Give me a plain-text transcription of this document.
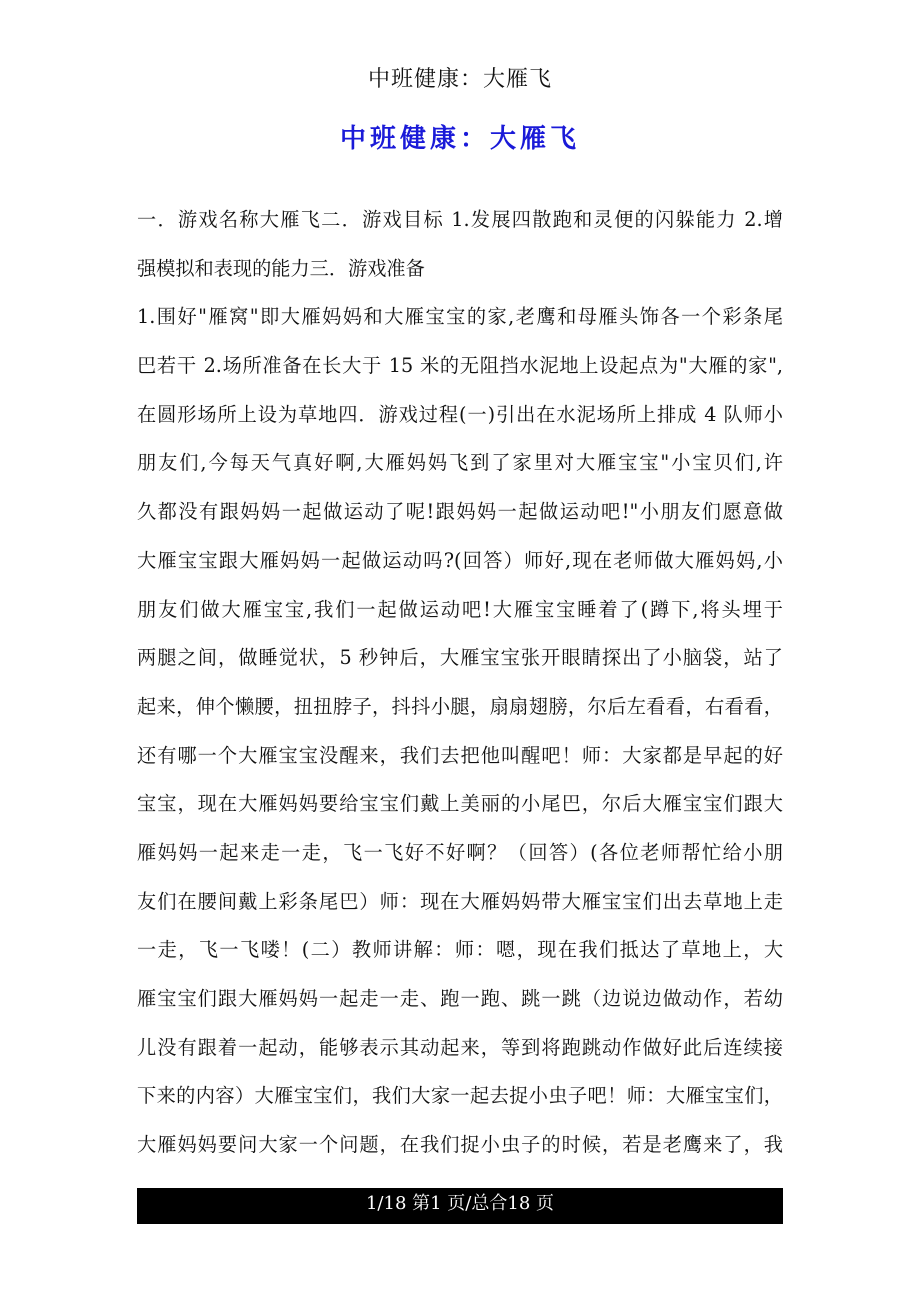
中班健康：大雁飞
中班健康：大雁飞
一．游戏名称大雁飞二．游戏目标 1.发展四散跑和灵便的闪躲能力 2.增
强模拟和表现的能力三．游戏准备
1.围好"雁窝"即大雁妈妈和大雁宝宝的家,老鹰和母雁头饰各一个彩条尾
巴若干 2.场所准备在长大于 15 米的无阻挡水泥地上设起点为"大雁的家",
在圆形场所上设为草地四．游戏过程(一)引出在水泥场所上排成 4 队师小
朋友们,今每天气真好啊,大雁妈妈飞到了家里对大雁宝宝"小宝贝们,许
久都没有跟妈妈一起做运动了呢!跟妈妈一起做运动吧!"小朋友们愿意做
大雁宝宝跟大雁妈妈一起做运动吗?(回答）师好,现在老师做大雁妈妈,小
朋友们做大雁宝宝,我们一起做运动吧!大雁宝宝睡着了(蹲下,将头埋于
两腿之间，做睡觉状，5 秒钟后，大雁宝宝张开眼睛探出了小脑袋，站了
起来，伸个懒腰，扭扭脖子，抖抖小腿，扇扇翅膀，尔后左看看，右看看，
还有哪一个大雁宝宝没醒来，我们去把他叫醒吧！师：大家都是早起的好
宝宝，现在大雁妈妈要给宝宝们戴上美丽的小尾巴，尔后大雁宝宝们跟大
雁妈妈一起来走一走，飞一飞好不好啊？（回答）(各位老师帮忙给小朋
友们在腰间戴上彩条尾巴）师：现在大雁妈妈带大雁宝宝们出去草地上走
一走，飞一飞喽！(二）教师讲解：师：嗯，现在我们抵达了草地上，大
雁宝宝们跟大雁妈妈一起走一走、跑一跑、跳一跳（边说边做动作，若幼
儿没有跟着一起动，能够表示其动起来，等到将跑跳动作做好此后连续接
下来的内容）大雁宝宝们，我们大家一起去捉小虫子吧！师：大雁宝宝们，
大雁妈妈要问大家一个问题，在我们捉小虫子的时候，若是老鹰来了，我
1/18 第1 页/总合18 页
